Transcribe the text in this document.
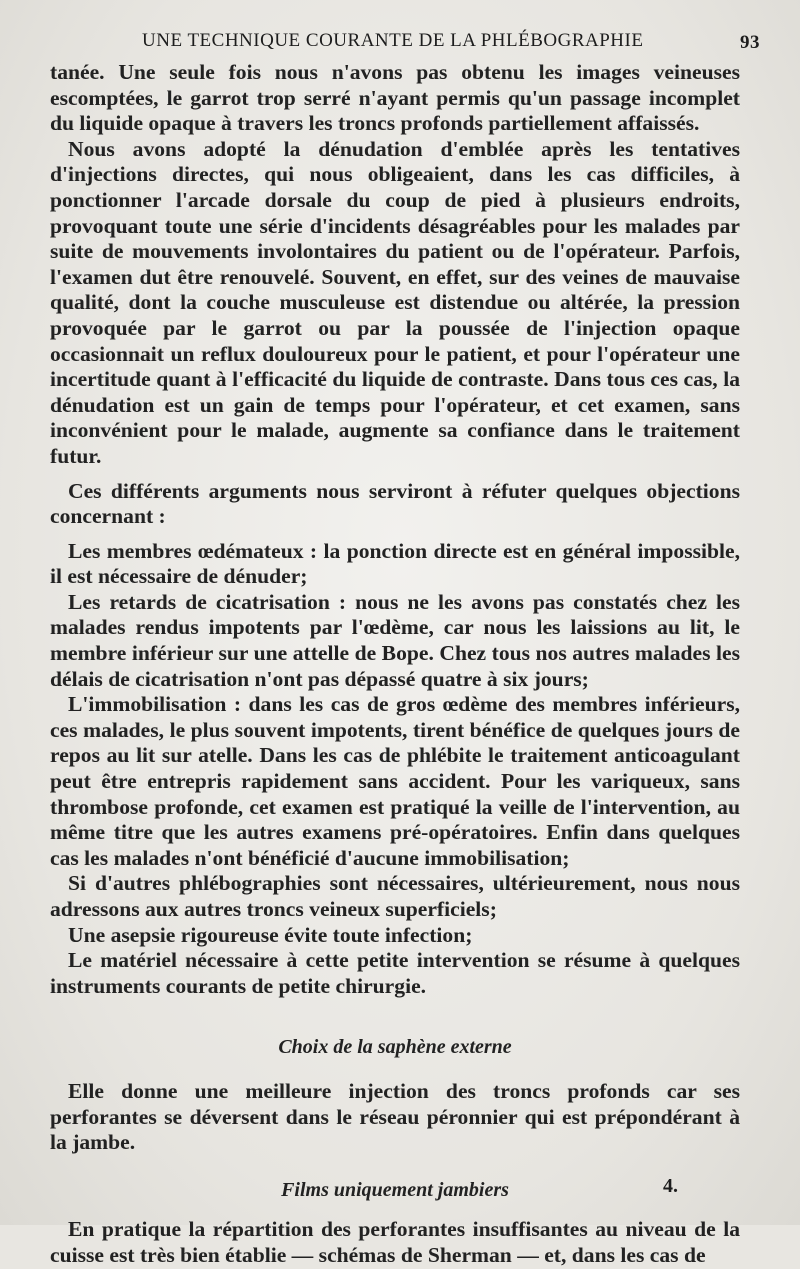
UNE TECHNIQUE COURANTE DE LA PHLÉBOGRAPHIE	93

tanée. Une seule fois nous n'avons pas obtenu les images veineuses escomptées, le garrot trop serré n'ayant permis qu'un passage incomplet du liquide opaque à travers les troncs profonds partiellement affaissés.

Nous avons adopté la dénudation d'emblée après les tentatives d'injections directes, qui nous obligeaient, dans les cas difficiles, à ponctionner l'arcade dorsale du coup de pied à plusieurs endroits, provoquant toute une série d'incidents désagréables pour les malades par suite de mouvements involontaires du patient ou de l'opérateur. Parfois, l'examen dut être renouvelé. Souvent, en effet, sur des veines de mauvaise qualité, dont la couche musculeuse est distendue ou altérée, la pression provoquée par le garrot ou par la poussée de l'injection opaque occasionnait un reflux douloureux pour le patient, et pour l'opérateur une incertitude quant à l'efficacité du liquide de contraste. Dans tous ces cas, la dénudation est un gain de temps pour l'opérateur, et cet examen, sans inconvénient pour le malade, augmente sa confiance dans le traitement futur.

Ces différents arguments nous serviront à réfuter quelques objections concernant :

Les membres œdémateux : la ponction directe est en général impossible, il est nécessaire de dénuder;

Les retards de cicatrisation : nous ne les avons pas constatés chez les malades rendus impotents par l'œdème, car nous les laissions au lit, le membre inférieur sur une attelle de Bope. Chez tous nos autres malades les délais de cicatrisation n'ont pas dépassé quatre à six jours;

L'immobilisation : dans les cas de gros œdème des membres inférieurs, ces malades, le plus souvent impotents, tirent bénéfice de quelques jours de repos au lit sur atelle. Dans les cas de phlébite le traitement anticoagulant peut être entrepris rapidement sans accident. Pour les variqueux, sans thrombose profonde, cet examen est pratiqué la veille de l'intervention, au même titre que les autres examens pré-opératoires. Enfin dans quelques cas les malades n'ont bénéficié d'aucune immobilisation;

Si d'autres phlébographies sont nécessaires, ultérieurement, nous nous adressons aux autres troncs veineux superficiels;

Une asepsie rigoureuse évite toute infection;

Le matériel nécessaire à cette petite intervention se résume à quelques instruments courants de petite chirurgie.

Choix de la saphène externe

Elle donne une meilleure injection des troncs profonds car ses perforantes se déversent dans le réseau péronnier qui est prépondérant à la jambe.

Films uniquement jambiers

En pratique la répartition des perforantes insuffisantes au niveau de la cuisse est très bien établie — schémas de Sherman — et, dans les cas de

4.
